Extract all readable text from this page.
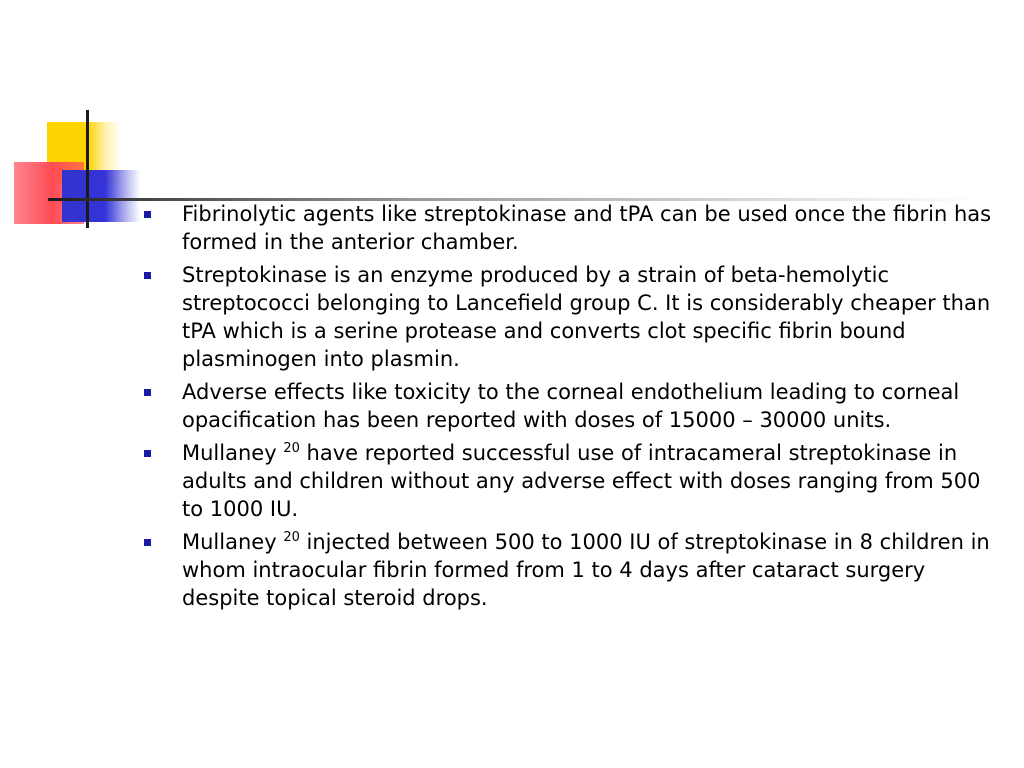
Fibrinolytic agents like streptokinase and tPA can be used once the fibrin has formed in the anterior chamber.
Streptokinase is an enzyme produced by a strain of beta-hemolytic streptococci belonging to Lancefield group C. It is considerably cheaper than tPA which is a serine protease and converts clot specific fibrin bound plasminogen into plasmin.
Adverse effects like toxicity to the corneal endothelium leading to corneal opacification has been reported with doses of 15000 – 30000 units.
Mullaney $^{20}$ have reported successful use of intracameral streptokinase in adults and children without any adverse effect with doses ranging from 500 to 1000 IU.
Mullaney $^{20}$ injected between 500 to 1000 IU of streptokinase in 8 children in whom intraocular fibrin formed from 1 to 4 days after cataract surgery despite topical steroid drops.
